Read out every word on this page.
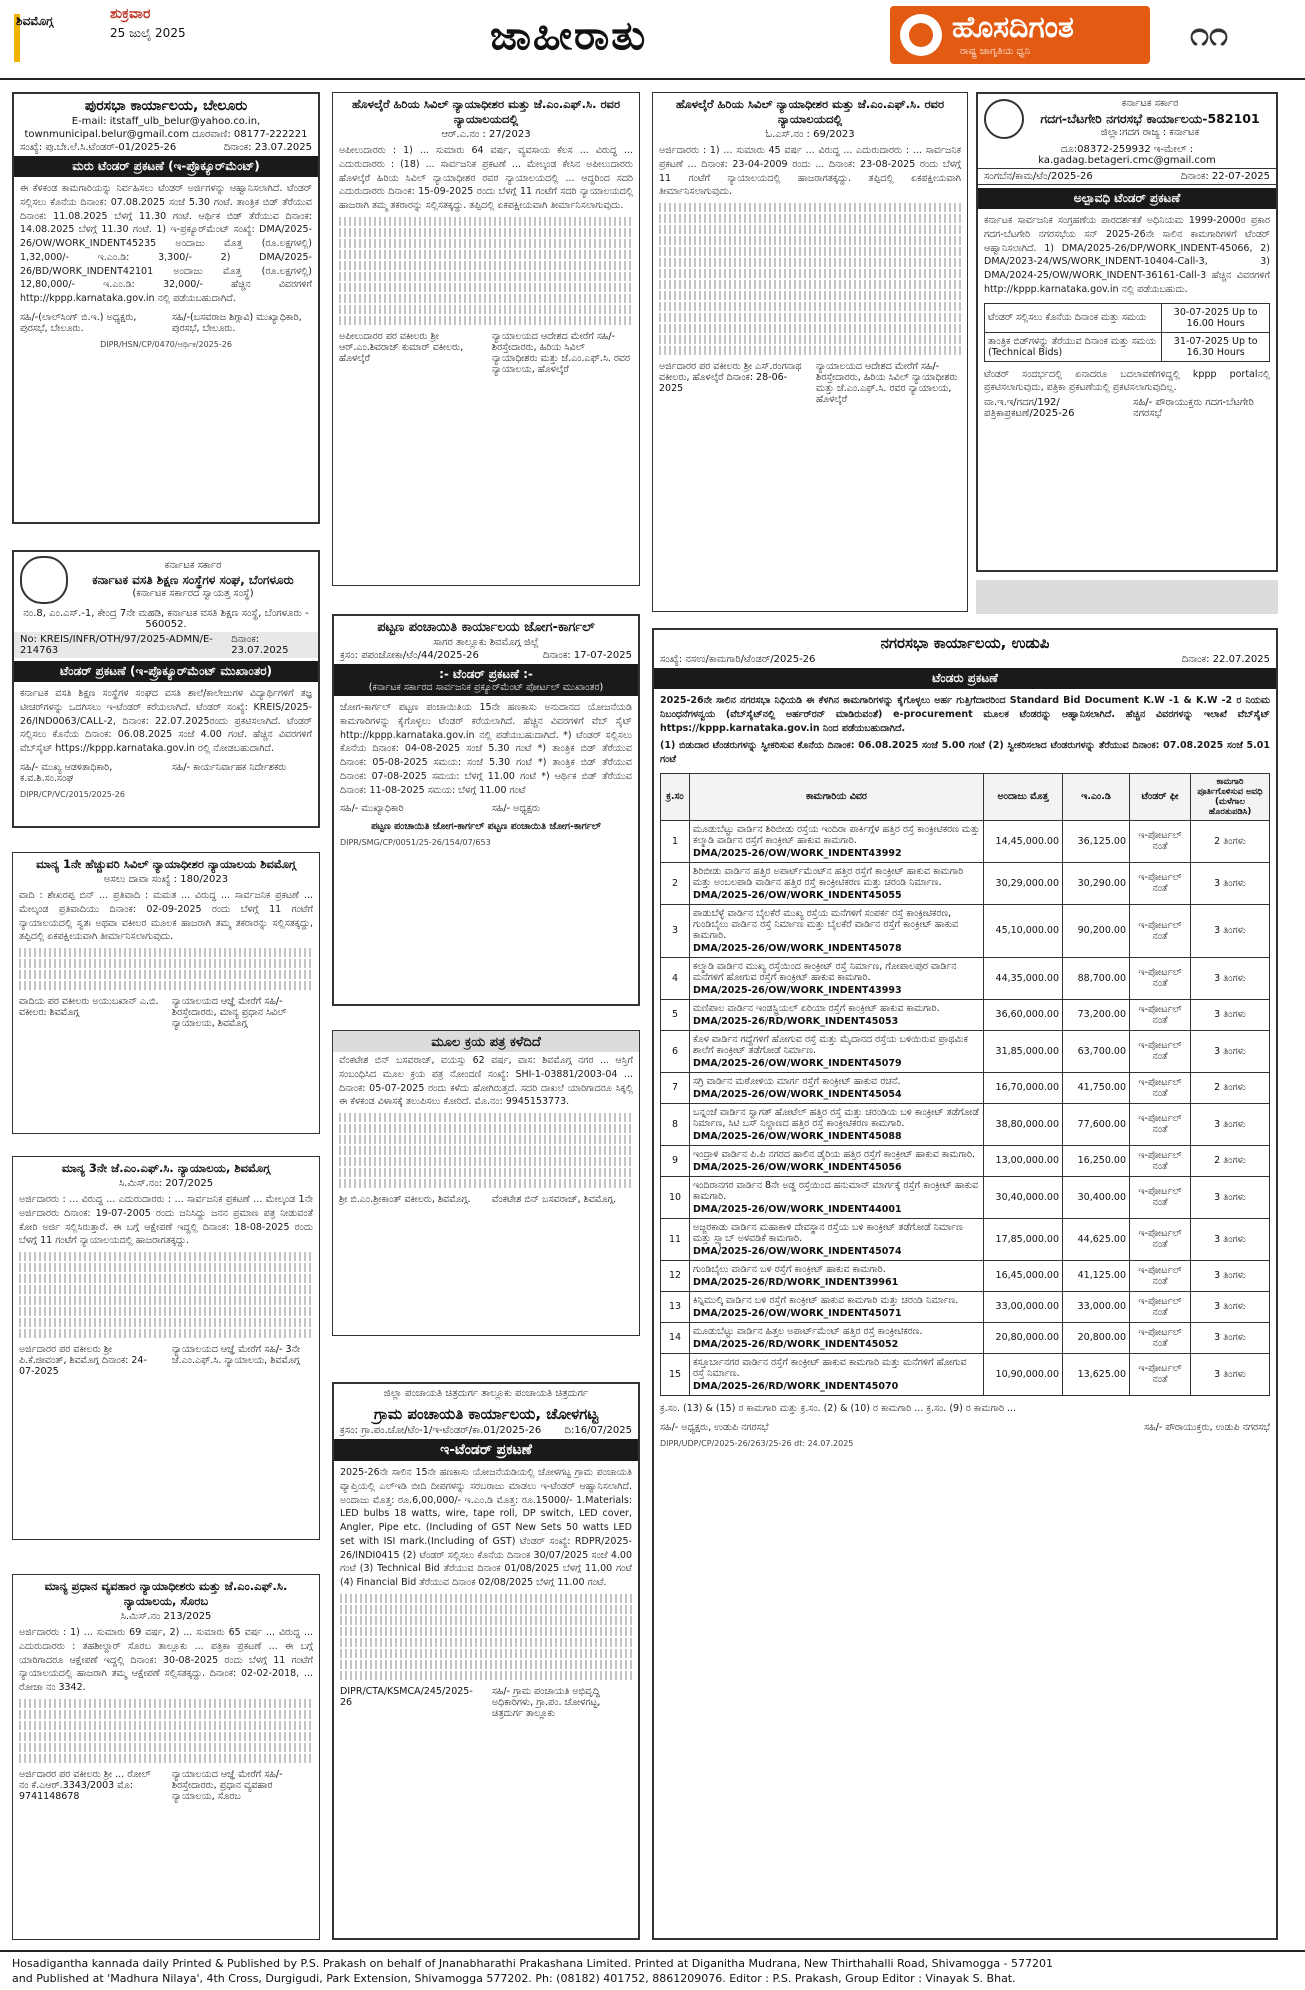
ಶಿವಮೊಗ್ಗ	ಶುಕ್ರವಾರ
25 ಜುಲೈ 2025	ಜಾಹೀರಾತು	ಹೊಸದಿಗಂತ
ರಾಷ್ಟ್ರ ಜಾಗೃತಿಯ ಧ್ವನಿ	೧೧
ಪುರಸಭಾ ಕಾರ್ಯಾಲಯ, ಬೇಲೂರು
E-mail: itstaff_ulb_belur@yahoo.co.in,
townmunicipal.belur@gmail.com ದೂರವಾಣಿ: 08177-222221
ಸಂಖ್ಯೆ: ಪು.ಬೇ.ಲೆ.ಸಿ.ಟೆಂಡರ್-01/2025-26	ದಿನಾಂಕ: 23.07.2025
ಮರು ಟೆಂಡರ್ ಪ್ರಕಟಣೆ (ಇ-ಪ್ರೊಕ್ಯೂರ್‌ಮೆಂಟ್)
ಈ ಕೆಳಕಂಡ ಕಾಮಗಾರಿಯನ್ನು ನಿರ್ವಹಿಸಲು ಟೆಂಡರ್ ಅರ್ಜಿಗಳನ್ನು ಆಹ್ವಾನಿಸಲಾಗಿದೆ. ಟೆಂಡರ್ ಸಲ್ಲಿಸಲು ಕೊನೆಯ ದಿನಾಂಕ: 07.08.2025 ಸಂಜೆ 5.30 ಗಂಟೆ. ತಾಂತ್ರಿಕ ಬಿಡ್ ತೆರೆಯುವ ದಿನಾಂಕ: 11.08.2025 ಬೆಳಗ್ಗೆ 11.30 ಗಂಟೆ. ಆರ್ಥಿಕ ಬಿಡ್ ತೆರೆಯುವ ದಿನಾಂಕ: 14.08.2025 ಬೆಳಗ್ಗೆ 11.30 ಗಂಟೆ. 1) ಇ-ಪ್ರಕ್ಯೂರ್‌ಮೆಂಟ್ ಸಂಖ್ಯೆ: DMA/2025-26/OW/WORK_INDENT45235 ಅಂದಾಜು ಮೊತ್ತ (ರೂ.ಲಕ್ಷಗಳಲ್ಲಿ) 1,32,000/- ಇ.ಎಂ.ಡಿ: 3,300/- 2) DMA/2025-26/BD/WORK_INDENT42101 ಅಂದಾಜು ಮೊತ್ತ (ರೂ.ಲಕ್ಷಗಳಲ್ಲಿ) 12,80,000/- ಇ.ಎಂ.ಡಿ: 32,000/- ಹೆಚ್ಚಿನ ವಿವರಗಳಿಗೆ http://kppp.karnataka.gov.in ನಲ್ಲಿ ಪಡೆಯಬಹುದಾಗಿದೆ.
ಸಹಿ/-(ಲಾಲ್‌ಸಿಂಗ್ ಬಿ.ಇ.) ಅಧ್ಯಕ್ಷರು, ಪುರಸಭೆ, ಬೇಲೂರು.
ಸಹಿ/-(ಬಸವರಾಜ ಶಿಗ್ಗಾವಿ) ಮುಖ್ಯಾಧಿಕಾರಿ, ಪುರಸಭೆ, ಬೇಲೂರು.
DIPR/HSN/CP/0470/ಆರ್ಥಿಕ/2025-26
ಕರ್ನಾಟಕ ಸರ್ಕಾರ
ಕರ್ನಾಟಕ ವಸತಿ ಶಿಕ್ಷಣ ಸಂಸ್ಥೆಗಳ ಸಂಘ, ಬೆಂಗಳೂರು
(ಕರ್ನಾಟಕ ಸರ್ಕಾರದ ಸ್ವಾಯತ್ತ ಸಂಸ್ಥೆ)
ನಂ.8, ಎಂ.ಎಸ್.-1, ಕೇಂದ್ರ 7ನೇ ಮಹಡಿ, ಕರ್ನಾಟಕ ವಸತಿ ಶಿಕ್ಷಣ ಸಂಸ್ಥೆ, ಬೆಂಗಳೂರು - 560052.
No: KREIS/INFR/OTH/97/2025-ADMN/E-214763
ದಿನಾಂಕ: 23.07.2025
ಟೆಂಡರ್ ಪ್ರಕಟಣೆ (ಇ-ಪ್ರೊಕ್ಯೂರ್‌ಮೆಂಟ್ ಮುಖಾಂತರ)
ಕರ್ನಾಟಕ ವಸತಿ ಶಿಕ್ಷಣ ಸಂಸ್ಥೆಗಳ ಸಂಘದ ವಸತಿ ಶಾಲೆ/ಕಾಲೇಜುಗಳ ವಿದ್ಯಾರ್ಥಿಗಳಿಗೆ ತಜ್ಞ ಟೀಚರ್‌ಗಳನ್ನು ಒದಗಿಸಲು ಇ-ಟೆಂಡರ್ ಕರೆಯಲಾಗಿದೆ. ಟೆಂಡರ್ ಸಂಖ್ಯೆ: KREIS/2025-26/IND0063/CALL-2, ದಿನಾಂಕ: 22.07.2025ರಂದು ಪ್ರಕಟಿಸಲಾಗಿದೆ. ಟೆಂಡರ್ ಸಲ್ಲಿಸಲು ಕೊನೆಯ ದಿನಾಂಕ: 06.08.2025 ಸಂಜೆ 4.00 ಗಂಟೆ. ಹೆಚ್ಚಿನ ವಿವರಗಳಿಗೆ ವೆಬ್‌ಸೈಟ್ https://kppp.karnataka.gov.in ರಲ್ಲಿ ನೋಡಬಹುದಾಗಿದೆ.
ಸಹಿ/- ಮುಖ್ಯ ಆಡಳಿತಾಧಿಕಾರಿ, ಕ.ವ.ಶಿ.ಸಂ.ಸಂಘ
ಸಹಿ/- ಕಾರ್ಯನಿರ್ವಾಹಕ ನಿರ್ದೇಶಕರು
DIPR/CP/VC/2015/2025-26
ಮಾನ್ಯ 1ನೇ ಹೆಚ್ಚುವರಿ ಸಿವಿಲ್ ನ್ಯಾಯಾಧೀಶರ ನ್ಯಾಯಾಲಯ ಶಿವಮೊಗ್ಗ
ಅಸಲು ದಾವಾ ಸಂಖ್ಯೆ : 180/2023
ವಾದಿ : ಶೇಖರಪ್ಪ ಬಿನ್ ... ಪ್ರತಿವಾದಿ : ಮಮತ ... ವಿರುದ್ಧ ... ಸಾರ್ವಜನಿಕ ಪ್ರಕಟಣೆ ... ಮೇಲ್ಕಂಡ ಪ್ರತಿವಾದಿಯು ದಿನಾಂಕ: 02-09-2025 ರಂದು ಬೆಳಗ್ಗೆ 11 ಗಂಟೆಗೆ ನ್ಯಾಯಾಲಯದಲ್ಲಿ ಸ್ವತಃ ಅಥವಾ ವಕೀಲರ ಮೂಲಕ ಹಾಜರಾಗಿ ತಮ್ಮ ತಕರಾರನ್ನು ಸಲ್ಲಿಸತಕ್ಕದ್ದು, ತಪ್ಪಿದಲ್ಲಿ ಏಕಪಕ್ಷೀಯವಾಗಿ ತೀರ್ಮಾನಿಸಲಾಗುವುದು.
ವಾದಿಯ ಪರ ವಕೀಲರು ಅಯುಬಖಾನ್ ಎ.ಬಿ. ವಕೀಲರು ಶಿವಮೊಗ್ಗ
ನ್ಯಾಯಾಲಯದ ಆಜ್ಞೆ ಮೇರೆಗೆ ಸಹಿ/-ಶಿರಸ್ತೇದಾರರು, ಮಾನ್ಯ ಪ್ರಧಾನ ಸಿವಿಲ್ ನ್ಯಾಯಾಲಯ, ಶಿವಮೊಗ್ಗ
ಮಾನ್ಯ 3ನೇ ಜೆ.ಎಂ.ಎಫ್.ಸಿ. ನ್ಯಾಯಾಲಯ, ಶಿವಮೊಗ್ಗ
ಸಿ.ಮಿಸ್.ನಂ: 207/2025
ಅರ್ಜಿದಾರರು : ... ವಿರುದ್ಧ ... ಎದುರುದಾರರು : ... ಸಾರ್ವಜನಿಕ ಪ್ರಕಟಣೆ ... ಮೇಲ್ಕಂಡ 1ನೇ ಅರ್ಜಿದಾರರು ದಿನಾಂಕ: 19-07-2005 ರಂದು ಜನಿಸಿದ್ದು ಜನನ ಪ್ರಮಾಣ ಪತ್ರ ನೀಡುವಂತೆ ಕೋರಿ ಅರ್ಜಿ ಸಲ್ಲಿಸಿರುತ್ತಾರೆ. ಈ ಬಗ್ಗೆ ಆಕ್ಷೇಪಣೆ ಇದ್ದಲ್ಲಿ ದಿನಾಂಕ: 18-08-2025 ರಂದು ಬೆಳಗ್ಗೆ 11 ಗಂಟೆಗೆ ನ್ಯಾಯಾಲಯದಲ್ಲಿ ಹಾಜರಾಗತಕ್ಕದ್ದು.
ಅರ್ಜಿದಾರರ ಪರ ವಕೀಲರು ಶ್ರೀ ಪಿ.ಕೆ.ಜೀವಂತ್, ಶಿವಮೊಗ್ಗ ದಿನಾಂಕ: 24-07-2025
ನ್ಯಾಯಾಲಯದ ಆಜ್ಞೆ ಮೇರೆಗೆ ಸಹಿ/- 3ನೇ ಜೆ.ಎಂ.ಎಫ್.ಸಿ. ನ್ಯಾಯಾಲಯ, ಶಿವಮೊಗ್ಗ
ಮಾನ್ಯ ಪ್ರಧಾನ ವ್ಯವಹಾರ ನ್ಯಾಯಾಧೀಶರು ಮತ್ತು ಜೆ.ಎಂ.ಎಫ್.ಸಿ. ನ್ಯಾಯಾಲಯ, ಸೊರಬ
ಸಿ.ಮಿಸ್.ನಂ 213/2025
ಅರ್ಜಿದಾರರು : 1) ... ಸುಮಾರು 69 ವರ್ಷ, 2) ... ಸುಮಾರು 65 ವರ್ಷ ... ವಿರುದ್ಧ ... ಎದುರುದಾರರು : ತಹಶೀಲ್ದಾರ್‌ ಸೊರಬ ತಾಲ್ಲೂಕು ... ಪತ್ರಿಕಾ ಪ್ರಕಟಣೆ ... ಈ ಬಗ್ಗೆ ಯಾರಿಗಾದರೂ ಆಕ್ಷೇಪಣೆ ಇದ್ದಲ್ಲಿ ದಿನಾಂಕ: 30-08-2025 ರಂದು ಬೆಳಗ್ಗೆ 11 ಗಂಟೆಗೆ ನ್ಯಾಯಾಲಯದಲ್ಲಿ ಹಾಜರಾಗಿ ತಮ್ಮ ಆಕ್ಷೇಪಣೆ ಸಲ್ಲಿಸತಕ್ಕದ್ದು. ದಿನಾಂಕ: 02-02-2018, ... ರೋಜಾ ನಂ 3342.
ಅರ್ಜಿದಾರರ ಪರ ವಕೀಲರು ಶ್ರೀ ... ರೋಲ್ ನಂ ಕೆ.ಎಆರ್.3343/2003 ಮೊ: 9741148678
ನ್ಯಾಯಾಲಯದ ಆಜ್ಞೆ ಮೇರೆಗೆ ಸಹಿ/-ಶಿರಸ್ತೇದಾರರು, ಪ್ರಧಾನ ವ್ಯವಹಾರ ನ್ಯಾಯಾಲಯ, ಸೊರಬ
ಹೊಳಲ್ಕೆರೆ ಹಿರಿಯ ಸಿವಿಲ್ ನ್ಯಾಯಾಧೀಶರ ಮತ್ತು ಜೆ.ಎಂ.ಎಫ್.ಸಿ. ರವರ ನ್ಯಾಯಾಲಯದಲ್ಲಿ
ಆರ್.ಎ.ನಂ : 27/2023
ಅಪೀಲುದಾರರು : 1) ... ಸುಮಾರು 64 ವರ್ಷ, ವ್ಯವಸಾಯ ಕೆಲಸ ... ವಿರುದ್ಧ ... ಎದುರುದಾರರು : (18) ... ಸಾರ್ವಜನಿಕ ಪ್ರಕಟಣೆ ... ಮೇಲ್ಕಂಡ ಕೇಸಿನ ಅಪೀಲುದಾರರು ಹೊಳಲ್ಕೆರೆ ಹಿರಿಯ ಸಿವಿಲ್ ನ್ಯಾಯಾಧೀಶರ ರವರ ನ್ಯಾಯಾಲಯದಲ್ಲಿ ... ಆದ್ದರಿಂದ ಸದರಿ ಎದುರುದಾರರು ದಿನಾಂಕ: 15-09-2025 ರಂದು ಬೆಳಗ್ಗೆ 11 ಗಂಟೆಗೆ ಸದರಿ ನ್ಯಾಯಾಲಯದಲ್ಲಿ ಹಾಜರಾಗಿ ತಮ್ಮ ತಕರಾರನ್ನು ಸಲ್ಲಿಸತಕ್ಕದ್ದು. ತಪ್ಪಿದಲ್ಲಿ ಏಕಪಕ್ಷೀಯವಾಗಿ ತೀರ್ಮಾನಿಸಲಾಗುವುದು.
ಅಪೀಲುದಾರರ ಪರ ವಕೀಲರು ಶ್ರೀ ಆರ್.ಎಂ.ಶಿವರಾಜ್ ಕುಮಾರ್ ವಕೀಲರು, ಹೊಳಲ್ಕೆರೆ
ನ್ಯಾಯಾಲಯದ ಆದೇಶದ ಮೇರೆಗೆ ಸಹಿ/-ಶಿರಸ್ತೇದಾರರು, ಹಿರಿಯ ಸಿವಿಲ್ ನ್ಯಾಯಾಧೀಶರು ಮತ್ತು ಜೆ.ಎಂ.ಎಫ್.ಸಿ. ರವರ ನ್ಯಾಯಾಲಯ, ಹೊಳಲ್ಕೆರೆ
ಪಟ್ಟಣ ಪಂಚಾಯಿತಿ ಕಾರ್ಯಾಲಯ ಜೋಗ-ಕಾರ್ಗಲ್
ಸಾಗರ ತಾಲ್ಲೂಕು ಶಿವಮೊಗ್ಗ ಜಿಲ್ಲೆ
ಕ್ರಸಂ: ಪಪಂಜೋಕಾ/ಟೆಂ/44/2025-26	ದಿನಾಂಕ: 17-07-2025
:- ಟೆಂಡರ್ ಪ್ರಕಟಣೆ :-
(ಕರ್ನಾಟಕ ಸರ್ಕಾರದ ಸಾರ್ವಜನಿಕ ಪ್ರಕ್ಯೂರ್‌ಮೆಂಟ್ ಪೋರ್ಟಲ್ ಮುಖಾಂತರ)
ಜೋಗ-ಕಾರ್ಗಲ್ ಪಟ್ಟಣ ಪಂಚಾಯಿತಿಯ 15ನೇ ಹಣಕಾಸು ಅನುದಾನದ ಯೋಜನೆಯಡಿ ಕಾಮಗಾರಿಗಳನ್ನು ಕೈಗೊಳ್ಳಲು ಟೆಂಡರ್ ಕರೆಯಲಾಗಿದೆ. ಹೆಚ್ಚಿನ ವಿವರಗಳಿಗೆ ವೆಬ್ ಸೈಟ್ http://kppp.karnataka.gov.in ನಲ್ಲಿ ಪಡೆಯಬಹುದಾಗಿದೆ. *) ಟೆಂಡರ್ ಸಲ್ಲಿಸಲು ಕೊನೆಯ ದಿನಾಂಕ: 04-08-2025 ಸಂಜೆ 5.30 ಗಂಟೆ *) ತಾಂತ್ರಿಕ ಬಿಡ್ ತೆರೆಯುವ ದಿನಾಂಕ: 05-08-2025 ಸಮಯ: ಸಂಜೆ 5.30 ಗಂಟೆ *) ತಾಂತ್ರಿಕ ಬಿಡ್ ತೆರೆಯುವ ದಿನಾಂಕ: 07-08-2025 ಸಮಯ: ಬೆಳಗ್ಗೆ 11.00 ಗಂಟೆ *) ಆರ್ಥಿಕ ಬಿಡ್ ತೆರೆಯುವ ದಿನಾಂಕ: 11-08-2025 ಸಮಯ: ಬೆಳಗ್ಗೆ 11.00 ಗಂಟೆ
ಸಹಿ/- ಮುಖ್ಯಾಧಿಕಾರಿ	ಸಹಿ/- ಅಧ್ಯಕ್ಷರು
ಪಟ್ಟಣ ಪಂಚಾಯಿತಿ ಜೋಗ-ಕಾರ್ಗಲ್ ಪಟ್ಟಣ ಪಂಚಾಯಿತಿ ಜೋಗ-ಕಾರ್ಗಲ್
DIPR/SMG/CP/0051/25-26/154/07/653
ಮೂಲ ಕ್ರಯ ಪತ್ರ ಕಳೆದಿದೆ
ವೆಂಕಟೇಶ ಬಿನ್ ಬಸವರಾಜ್, ವಯಸ್ಸು 62 ವರ್ಷ, ವಾಸ: ಶಿವಮೊಗ್ಗ ನಗರ ... ಆಸ್ತಿಗೆ ಸಂಬಂಧಿಸಿದ ಮೂಲ ಕ್ರಯ ಪತ್ರ ನೋಂದಣಿ ಸಂಖ್ಯೆ: SHI-1-03881/2003-04 ... ದಿನಾಂಕ: 05-07-2025 ರಂದು ಕಳೆದು ಹೋಗಿರುತ್ತದೆ. ಸದರಿ ದಾಖಲೆ ಯಾರಿಗಾದರೂ ಸಿಕ್ಕಲ್ಲಿ ಈ ಕೆಳಕಂಡ ವಿಳಾಸಕ್ಕೆ ತಲುಪಿಸಲು ಕೋರಿದೆ. ಮೊ.ನಂ: 9945153773.
ಶ್ರೀ ಬಿ.ಎಂ.ಶ್ರೀಕಾಂತ್ ವಕೀಲರು, ಶಿವಮೊಗ್ಗ.	ವೆಂಕಟೇಶ ಬಿನ್ ಬಸವರಾಜ್, ಶಿವಮೊಗ್ಗ.
ಜಿಲ್ಲಾ ಪಂಚಾಯತಿ ಚಿತ್ರದುರ್ಗ ತಾಲ್ಲೂಕು ಪಂಚಾಯತಿ ಚಿತ್ರದುರ್ಗ
ಗ್ರಾಮ ಪಂಚಾಯತಿ ಕಾರ್ಯಾಲಯ, ಚೋಳಗಟ್ಟ
ಕ್ರಸಂ: ಗ್ರಾ.ಪಂ.ಚೋ/ಟೆಂ-1/ಇ-ಟೆಂಡರ್/ಕಾ.01/2025-26 ದಿ:16/07/2025
ಇ-ಟೆಂಡರ್ ಪ್ರಕಟಣೆ
2025-26ನೇ ಸಾಲಿನ 15ನೇ ಹಣಕಾಸು ಯೋಜನೆಯಡಿಯಲ್ಲಿ ಚೋಳಗಟ್ಟ ಗ್ರಾಮ ಪಂಚಾಯತಿ ವ್ಯಾಪ್ತಿಯಲ್ಲಿ ಎಲ್‌ಇಡಿ ಬೀದಿ ದೀಪಗಳನ್ನು ಸರಬರಾಜು ಮಾಡಲು ಇ-ಟೆಂಡರ್ ಆಹ್ವಾನಿಸಲಾಗಿದೆ. ಅಂದಾಜು ಮೊತ್ತ: ರೂ.6,00,000/- ಇ.ಎಂ.ಡಿ ಮೊತ್ತ: ರೂ.15000/- 1.Materials: LED bulbs 18 watts, wire, tape roll, DP switch, LED cover, Angler, Pipe etc. (Including of GST New Sets 50 watts LED set with ISI mark.(Including of GST) ಟೆಂಡರ್ ಸಂಖ್ಯೆ: RDPR/2025-26/INDI0415 (2) ಟೆಂಡರ್ ಸಲ್ಲಿಸಲು ಕೊನೆಯ ದಿನಾಂಕ 30/07/2025 ಸಂಜೆ 4.00 ಗಂಟೆ (3) Technical Bid ತೆರೆಯುವ ದಿನಾಂಕ 01/08/2025 ಬೆಳಗ್ಗೆ 11.00 ಗಂಟೆ (4) Financial Bid ತೆರೆಯುವ ದಿನಾಂಕ 02/08/2025 ಬೆಳಗ್ಗೆ 11.00 ಗಂಟೆ.
DIPR/CTA/KSMCA/245/2025-26
ಸಹಿ/- ಗ್ರಾಮ ಪಂಚಾಯತಿ ಅಭಿವೃದ್ಧಿ ಅಧಿಕಾರಿಗಳು, ಗ್ರಾ.ಪಂ. ಚೋಳಗಟ್ಟ, ಚಿತ್ರದುರ್ಗ ತಾಲ್ಲೂಕು
ಹೊಳಲ್ಕೆರೆ ಹಿರಿಯ ಸಿವಿಲ್ ನ್ಯಾಯಾಧೀಶರ ಮತ್ತು ಜೆ.ಎಂ.ಎಫ್.ಸಿ. ರವರ ನ್ಯಾಯಾಲಯದಲ್ಲಿ
ಓ.ಎಸ್.ನಂ : 69/2023
ಅರ್ಜಿದಾರರು : 1) ... ಸುಮಾರು 45 ವರ್ಷ ... ವಿರುದ್ಧ ... ಎದುರುದಾರರು : ... ಸಾರ್ವಜನಿಕ ಪ್ರಕಟಣೆ ... ದಿನಾಂಕ: 23-04-2009 ರಂದು ... ದಿನಾಂಕ: 23-08-2025 ರಂದು ಬೆಳಗ್ಗೆ 11 ಗಂಟೆಗೆ ನ್ಯಾಯಾಲಯದಲ್ಲಿ ಹಾಜರಾಗತಕ್ಕದ್ದು. ತಪ್ಪಿದಲ್ಲಿ ಏಕಪಕ್ಷೀಯವಾಗಿ ತೀರ್ಮಾನಿಸಲಾಗುವುದು.
ಅರ್ಜಿದಾರರ ಪರ ವಕೀಲರು ಶ್ರೀ ಎಸ್.ರಂಗನಾಥ ವಕೀಲರು, ಹೊಳಲ್ಕೆರೆ ದಿನಾಂಕ: 28-06-2025
ನ್ಯಾಯಾಲಯದ ಆದೇಶದ ಮೇರೆಗೆ ಸಹಿ/-ಶಿರಸ್ತೇದಾರರು, ಹಿರಿಯ ಸಿವಿಲ್ ನ್ಯಾಯಾಧೀಶರು ಮತ್ತು ಜೆ.ಎಂ.ಎಫ್.ಸಿ. ರವರ ನ್ಯಾಯಾಲಯ, ಹೊಳಲ್ಕೆರೆ
ಕರ್ನಾಟಕ ಸರ್ಕಾರ
ಗದಗ-ಬೆಟಗೇರಿ ನಗರಸಭೆ ಕಾರ್ಯಾಲಯ-582101
ಜಿಲ್ಲಾ:ಗದಗ ರಾಜ್ಯ : ಕರ್ನಾಟಕ
ದೂ:08372-259932 ಇ-ಮೇಲ್ : ka.gadag.betageri.cmc@gmail.com
ಸಂಗಬೆನ/ಕಾಮ/ಟೆಂ/2025-26	ದಿನಾಂಕ: 22-07-2025
ಅಲ್ಪಾವಧಿ ಟೆಂಡರ್ ಪ್ರಕಟಣೆ
ಕರ್ನಾಟಕ ಸಾರ್ವಜನಿಕ ಸಂಗ್ರಹಣೆಯ ಪಾರದರ್ಶಕತೆ ಅಧಿನಿಯಮ 1999-2000ರ ಪ್ರಕಾರ ಗದಗ-ಬೆಟಗೇರಿ ನಗರಸಭೆಯ ಸನ್ 2025-26ನೇ ಸಾಲಿನ ಕಾಮಗಾರಿಗಳಿಗೆ ಟೆಂಡರ್ ಆಹ್ವಾನಿಸಲಾಗಿದೆ. 1) DMA/2025-26/DP/WORK_INDENT-45066, 2) DMA/2023-24/WS/WORK_INDENT-10404-Call-3, 3) DMA/2024-25/OW/WORK_INDENT-36161-Call-3 ಹೆಚ್ಚಿನ ವಿವರಗಳಿಗೆ http://kppp.karnataka.gov.in ನಲ್ಲಿ ಪಡೆಯಬಹುದು.
ಟೆಂಡರ್ ಸಲ್ಲಿಸಲು ಕೊನೆಯ ದಿನಾಂಕ ಮತ್ತು ಸಮಯ	30-07-2025 Up to 16.00 Hours
ತಾಂತ್ರಿಕ ಬಿಡ್‌ಗಳನ್ನು ತೆರೆಯುವ ದಿನಾಂಕ ಮತ್ತು ಸಮಯ (Technical Bids)	31-07-2025 Up to 16.30 Hours
ಟೆಂಡರ್ ಸಂದರ್ಭದಲ್ಲಿ ಏನಾದರೂ ಬದಲಾವಣೆಗಳಿದ್ದಲ್ಲಿ kppp portalನಲ್ಲಿ ಪ್ರಕಟಿಸಲಾಗುವುದು, ಪತ್ರಿಕಾ ಪ್ರಕಟಣೆಯಲ್ಲಿ ಪ್ರಕಟಿಸಲಾಗುವುದಿಲ್ಲ.
ವಾ.ಇ.ಇ/ಗದಗ/192/ಪತ್ರಿಕಾಪ್ರಕಟಣೆ/2025-26
ಸಹಿ/- ಪೌರಾಯುಕ್ತರು ಗದಗ-ಬೆಟಗೇರಿ ನಗರಸಭೆ
ನಗರಸಭಾ ಕಾರ್ಯಾಲಯ, ಉಡುಪಿ
ಸಂಖ್ಯೆ: ನಸಉ/ಕಾಮಗಾರಿ/ಟೆಂಡರ್/2025-26	ದಿನಾಂಕ: 22.07.2025
ಟೆಂಡರು ಪ್ರಕಟಣೆ
2025-26ನೇ ಸಾಲಿನ ನಗರಸಭಾ ನಿಧಿಯಡಿ ಈ ಕೆಳಗಿನ ಕಾಮಗಾರಿಗಳನ್ನು ಕೈಗೊಳ್ಳಲು ಅರ್ಹ ಗುತ್ತಿಗೆದಾರರಿಂದ Standard Bid Document K.W -1 & K.W -2 ರ ನಿಯಮ ನಿಬಂಧನೆಗಳನ್ವಯ (ವೆಬ್‌ಸೈಟ್‌ನಲ್ಲಿ ಅರ್ಹರ್‌ರನ್ ಮಾಡಿರುವಂತೆ) e-procurement ಮೂಲಕ ಟೆಂಡರನ್ನು ಆಹ್ವಾನಿಸಲಾಗಿದೆ. ಹೆಚ್ಚಿನ ವಿವರಗಳನ್ನು ಇಲಾಖೆ ವೆಬ್‌ಸೈಟ್ https://kppp.karnataka.gov.in ನಿಂದ ಪಡೆಯಬಹುದಾಗಿದೆ.
(1) ಬಿಡುದಾರ ಟೆಂಡರುಗಳನ್ನು ಸ್ವೀಕರಿಸುವ ಕೊನೆಯ ದಿನಾಂಕ: 06.08.2025 ಸಂಜೆ 5.00 ಗಂಟೆ (2) ಸ್ವೀಕರಿಸಲಾದ ಟೆಂಡರುಗಳನ್ನು ತೆರೆಯುವ ದಿನಾಂಕ: 07.08.2025 ಸಂಜೆ 5.01 ಗಂಟೆ
ಕ್ರ.ಸಂ	ಕಾಮಗಾರಿಯ ವಿವರ	ಅಂದಾಜು ಮೊತ್ತ	ಇ.ಎಂ.ಡಿ	ಟೆಂಡರ್ ಫೀ	ಕಾಮಗಾರಿ ಪೂರ್ತಿಗೊಳಿಸುವ ಅವಧಿ (ಮಳೆಗಾಲ ಹೊರತುಪಡಿಸಿ)
1	ಮೂಡುಬೆಟ್ಟು ವಾರ್ಡಿನ ಶಿರಿಬೀಡು ರಸ್ತೆಯ ಇಂದಿರಾ ಪಾರ್ಕಿಗ್ಗೆಳ ಹತ್ತಿರ ರಸ್ತೆ ಕಾಂಕ್ರೀಟಿಕರಣ ಮತ್ತು ಕಲ್ಮಾಡಿ ವಾರ್ಡಿನ ರಸ್ತೆಗೆ ಕಾಂಕ್ರೀಟ್ ಹಾಕುವ ಕಾಮಗಾರಿ.
DMA/2025-26/OW/WORK_INDENT43992	14,45,000.00	36,125.00	ಇ-ಪೋರ್ಟಲ್ ನಂತೆ	2 ತಿಂಗಳು
2	ಶಿರಿಬೀಡು ವಾರ್ಡಿನ ಹತ್ತಿರ ಅಪಾರ್ಟ್‌ಮೆಂಟ್‌ನ ಹತ್ತಿರ ರಸ್ತೆಗೆ ಕಾಂಕ್ರೀಟ್ ಹಾಕುವ ಕಾಮಗಾರಿ ಮತ್ತು ಅಂಬಲಪಾಡಿ ವಾರ್ಡಿನ ಹತ್ತಿರ ರಸ್ತೆ ಕಾಂಕ್ರೀಟಿಕರಣ ಮತ್ತು ಚರಂಡಿ ನಿರ್ಮಾಣ.
DMA/2025-26/OW/WORK_INDENT45055	30,29,000.00	30,290.00	ಇ-ಪೋರ್ಟಲ್ ನಂತೆ	3 ತಿಂಗಳು
3	ಪಾಡುಬೆಳ್ಳೆ ವಾರ್ಡಿನ ಬೈಲಕೆರೆ ಮುಖ್ಯ ರಸ್ತೆಯ ಮನೆಗಳಿಗೆ ಸಂಪರ್ಕ ರಸ್ತೆ ಕಾಂಕ್ರೀಟಿಕರಣ, ಗುಂಡಿಬೈಲು ವಾರ್ಡಿನ ರಸ್ತೆ ನಿರ್ಮಾಣ ಮತ್ತು ಬೈಲಕೆರೆ ವಾರ್ಡಿನ ರಸ್ತೆಗೆ ಕಾಂಕ್ರೀಟ್ ಹಾಕುವ ಕಾಮಗಾರಿ.
DMA/2025-26/OW/WORK_INDENT45078	45,10,000.00	90,200.00	ಇ-ಪೋರ್ಟಲ್ ನಂತೆ	3 ತಿಂಗಳು
4	ಕಲ್ಮಾಡಿ ವಾರ್ಡಿನ ಮುಖ್ಯ ರಸ್ತೆಯಿಂದ ಕಾಂಕ್ರೀಟ್ ರಸ್ತೆ ನಿರ್ಮಾಣ, ಗೋಪಾಲಪುರ ವಾರ್ಡಿನ ಮನೆಗಳಿಗೆ ಹೋಗುವ ರಸ್ತೆಗೆ ಕಾಂಕ್ರೀಟ್ ಹಾಕುವ ಕಾಮಗಾರಿ.
DMA/2025-26/OW/WORK_INDENT43993	44,35,000.00	88,700.00	ಇ-ಪೋರ್ಟಲ್ ನಂತೆ	3 ತಿಂಗಳು
5	ಮಣಿಪಾಲ ವಾರ್ಡಿನ ಇಂಡಸ್ಟ್ರಿಯಲ್ ಏರಿಯಾ ರಸ್ತೆಗೆ ಕಾಂಕ್ರೀಟ್ ಹಾಕುವ ಕಾಮಗಾರಿ.
DMA/2025-26/RD/WORK_INDENT45053	36,60,000.00	73,200.00	ಇ-ಪೋರ್ಟಲ್ ನಂತೆ	3 ತಿಂಗಳು
6	ಕೊಳ ವಾರ್ಡಿನ ಗದ್ದೆಗಳಿಗೆ ಹೋಗುವ ರಸ್ತೆ ಮತ್ತು ಮೈದಾನದ ರಸ್ತೆಯ ಬಳಿಯಿರುವ ಪ್ರಾಥಮಿಕ ಶಾಲೆಗೆ ಕಾಂಕ್ರೀಟ್ ತಡೆಗೋಡೆ ನಿರ್ಮಾಣ.
DMA/2025-26/OW/WORK_INDENT45079	31,85,000.00	63,700.00	ಇ-ಪೋರ್ಟಲ್ ನಂತೆ	3 ತಿಂಗಳು
7	ಸಗ್ರಿ ವಾರ್ಡಿನ ಮಠೋಳಿಯ ಮಾರ್ಗ ರಸ್ತೆಗೆ ಕಾಂಕ್ರೀಟ್ ಹಾಕುವ ರಚನೆ.
DMA/2025-26/OW/WORK_INDENT45054	16,70,000.00	41,750.00	ಇ-ಪೋರ್ಟಲ್ ನಂತೆ	2 ತಿಂಗಳು
8	ಬನ್ನಂಜೆ ವಾರ್ಡಿನ ಸ್ವಾಗತ್ ಹೋಟೆಲ್ ಹತ್ತಿರ ರಸ್ತೆ ಮತ್ತು ಚರಂಡಿಯ ಬಳಿ ಕಾಂಕ್ರೀಟ್ ತಡೆಗೋಡೆ ನಿರ್ಮಾಣ, ಸಿಟಿ ಬಸ್ ನಿಲ್ದಾಣದ ಹತ್ತಿರ ರಸ್ತೆ ಕಾಂಕ್ರೀಟಿಕರಣ ಕಾಮಗಾರಿ.
DMA/2025-26/OW/WORK_INDENT45088	38,80,000.00	77,600.00	ಇ-ಪೋರ್ಟಲ್ ನಂತೆ	3 ತಿಂಗಳು
9	ಇಂದ್ರಾಳಿ ವಾರ್ಡಿನ ಪಿ.ಪಿ ನಗರದ ಹಾಲಿನ ಡೈರಿಯ ಹತ್ತಿರ ರಸ್ತೆಗೆ ಕಾಂಕ್ರೀಟ್ ಹಾಕುವ ಕಾಮಗಾರಿ.
DMA/2025-26/OW/WORK_INDENT45056	13,00,000.00	16,250.00	ಇ-ಪೋರ್ಟಲ್ ನಂತೆ	2 ತಿಂಗಳು
10	ಇಂದಿರಾನಗರ ವಾರ್ಡಿನ 8ನೇ ಅಡ್ಡ ರಸ್ತೆಯಿಂದ ಹನುಮಾನ್ ಮಾರ್ಗಕ್ಕೆ ರಸ್ತೆಗೆ ಕಾಂಕ್ರೀಟ್ ಹಾಕುವ ಕಾಮಗಾರಿ.
DMA/2025-26/OW/WORK_INDENT44001	30,40,000.00	30,400.00	ಇ-ಪೋರ್ಟಲ್ ನಂತೆ	3 ತಿಂಗಳು
11	ಅಜ್ಜರಕಾಡು ವಾರ್ಡಿನ ಮಹಾಕಾಳಿ ದೇವಸ್ಥಾನ ರಸ್ತೆಯ ಬಳಿ ಕಾಂಕ್ರೀಟ್ ತಡೆಗೋಡೆ ನಿರ್ಮಾಣ ಮತ್ತು ಸ್ಲ್ಯಾಬ್ ಅಳವಡಿಕೆ ಕಾಮಗಾರಿ.
DMA/2025-26/OW/WORK_INDENT45074	17,85,000.00	44,625.00	ಇ-ಪೋರ್ಟಲ್ ನಂತೆ	3 ತಿಂಗಳು
12	ಗುಂಡಿಬೈಲು ವಾರ್ಡಿನ ಬಳಿ ರಸ್ತೆಗೆ ಕಾಂಕ್ರೀಟ್ ಹಾಕುವ ಕಾಮಗಾರಿ.
DMA/2025-26/RD/WORK_INDENT39961	16,45,000.00	41,125.00	ಇ-ಪೋರ್ಟಲ್ ನಂತೆ	3 ತಿಂಗಳು
13	ಕಿನ್ನಿಮುಲ್ಕಿ ವಾರ್ಡಿನ ಬಳಿ ರಸ್ತೆಗೆ ಕಾಂಕ್ರೀಟ್ ಹಾಕುವ ಕಾಮಗಾರಿ ಮತ್ತು ಚರಂಡಿ ನಿರ್ಮಾಣ.
DMA/2025-26/OW/WORK_INDENT45071	33,00,000.00	33,000.00	ಇ-ಪೋರ್ಟಲ್ ನಂತೆ	3 ತಿಂಗಳು
14	ಮೂಡುಬೆಟ್ಟು ವಾರ್ಡಿನ ಹಿತ್ತಲ ಅಪಾರ್ಟ್‌ಮೆಂಟ್ ಹತ್ತಿರ ರಸ್ತೆ ಕಾಂಕ್ರೀಟಿಕರಣ.
DMA/2025-26/RD/WORK_INDENT45052	20,80,000.00	20,800.00	ಇ-ಪೋರ್ಟಲ್ ನಂತೆ	3 ತಿಂಗಳು
15	ಕಸ್ತೂರ್ಬಾನಗರ ವಾರ್ಡಿನ ರಸ್ತೆಗೆ ಕಾಂಕ್ರೀಟ್ ಹಾಕುವ ಕಾಮಗಾರಿ ಮತ್ತು ಮನೆಗಳಿಗೆ ಹೋಗುವ ರಸ್ತೆ ನಿರ್ಮಾಣ.
DMA/2025-26/RD/WORK_INDENT45070	10,90,000.00	13,625.00	ಇ-ಪೋರ್ಟಲ್ ನಂತೆ	3 ತಿಂಗಳು
ಕ್ರ.ಸಂ. (13) & (15) ರ ಕಾಮಗಾರಿ ಮತ್ತು ಕ್ರ.ಸಂ. (2) & (10) ರ ಕಾಮಗಾರಿ ... ಕ್ರ.ಸಂ. (9) ರ ಕಾಮಗಾರಿ ...
ಸಹಿ/- ಅಧ್ಯಕ್ಷರು, ಉಡುಪಿ ನಗರಸಭೆ	ಸಹಿ/- ಪೌರಾಯುಕ್ತರು, ಉಡುಪಿ ನಗರಸಭೆ
DIPR/UDP/CP/2025-26/263/25-26 dt: 24.07.2025
Hosadigantha kannada daily Printed & Published by P.S. Prakash on behalf of Jnanabharathi Prakashana Limited. Printed at Diganitha Mudrana, New Thirthahalli Road, Shivamogga - 577201
and Published at 'Madhura Nilaya', 4th Cross, Durgigudi, Park Extension, Shivamogga 577202. Ph: (08182) 401752, 8861209076. Editor : P.S. Prakash, Group Editor : Vinayak S. Bhat.
